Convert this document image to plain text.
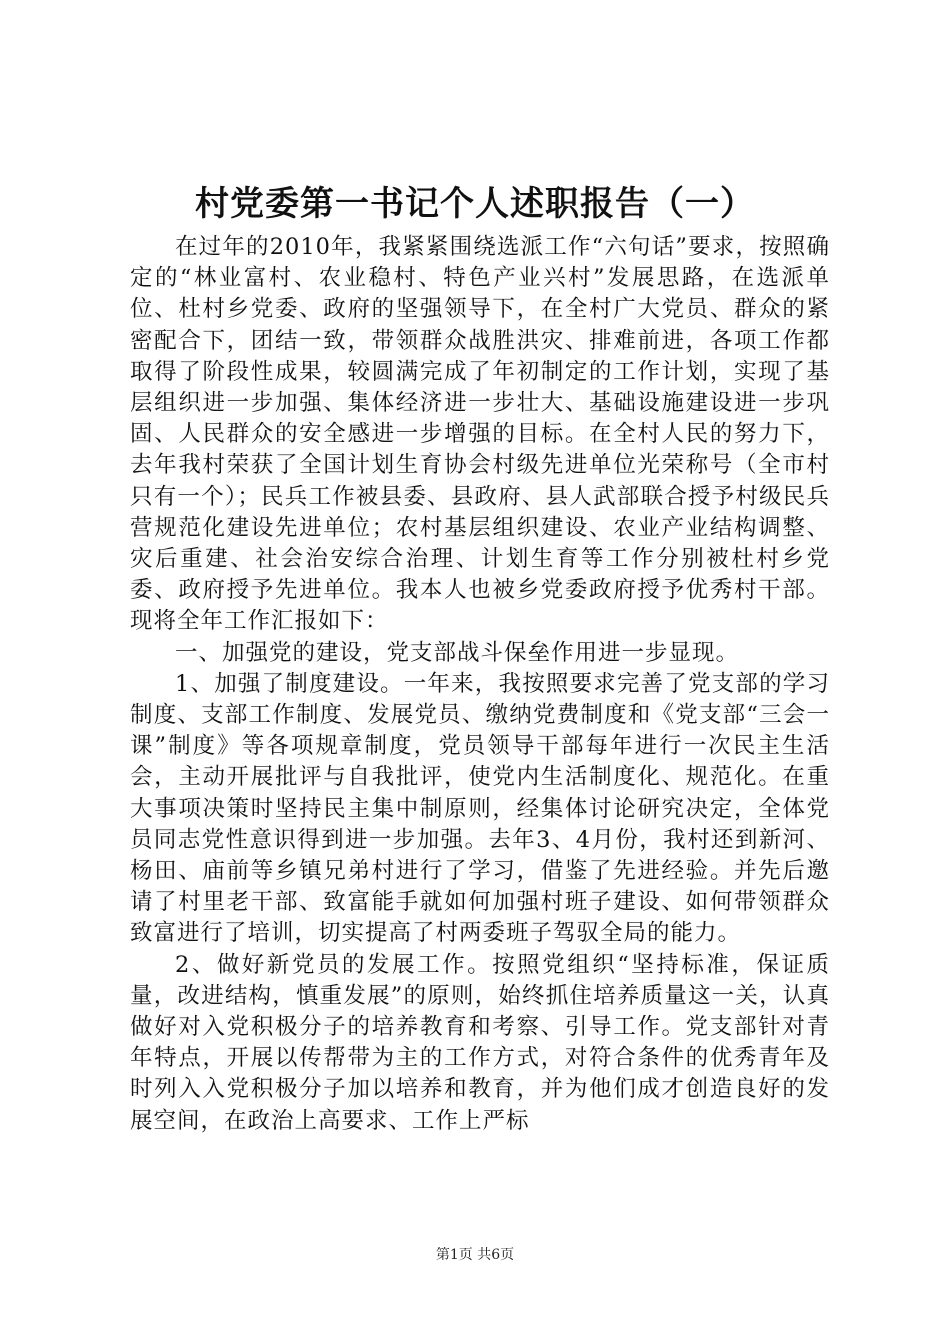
村党委第一书记个人述职报告（一）

在过年的2010年，我紧紧围绕选派工作“六句话”要求，按照确定的“林业富村、农业稳村、特色产业兴村”发展思路，在选派单位、杜村乡党委、政府的坚强领导下，在全村广大党员、群众的紧密配合下，团结一致，带领群众战胜洪灾、排难前进，各项工作都取得了阶段性成果，较圆满完成了年初制定的工作计划，实现了基层组织进一步加强、集体经济进一步壮大、基础设施建设进一步巩固、人民群众的安全感进一步增强的目标。在全村人民的努力下，去年我村荣获了全国计划生育协会村级先进单位光荣称号（全市村只有一个）；民兵工作被县委、县政府、县人武部联合授予村级民兵营规范化建设先进单位；农村基层组织建设、农业产业结构调整、灾后重建、社会治安综合治理、计划生育等工作分别被杜村乡党委、政府授予先进单位。我本人也被乡党委政府授予优秀村干部。现将全年工作汇报如下：

一、加强党的建设，党支部战斗保垒作用进一步显现。

1、加强了制度建设。一年来，我按照要求完善了党支部的学习制度、支部工作制度、发展党员、缴纳党费制度和《党支部“三会一课”制度》等各项规章制度，党员领导干部每年进行一次民主生活会，主动开展批评与自我批评，使党内生活制度化、规范化。在重大事项决策时坚持民主集中制原则，经集体讨论研究决定，全体党员同志党性意识得到进一步加强。去年3、4月份，我村还到新河、杨田、庙前等乡镇兄弟村进行了学习，借鉴了先进经验。并先后邀请了村里老干部、致富能手就如何加强村班子建设、如何带领群众致富进行了培训，切实提高了村两委班子驾驭全局的能力。

2、做好新党员的发展工作。按照党组织“坚持标准，保证质量，改进结构，慎重发展”的原则，始终抓住培养质量这一关，认真做好对入党积极分子的培养教育和考察、引导工作。党支部针对青年特点，开展以传帮带为主的工作方式，对符合条件的优秀青年及时列入入党积极分子加以培养和教育，并为他们成才创造良好的发展空间，在政治上高要求、工作上严标

第1页 共6页
